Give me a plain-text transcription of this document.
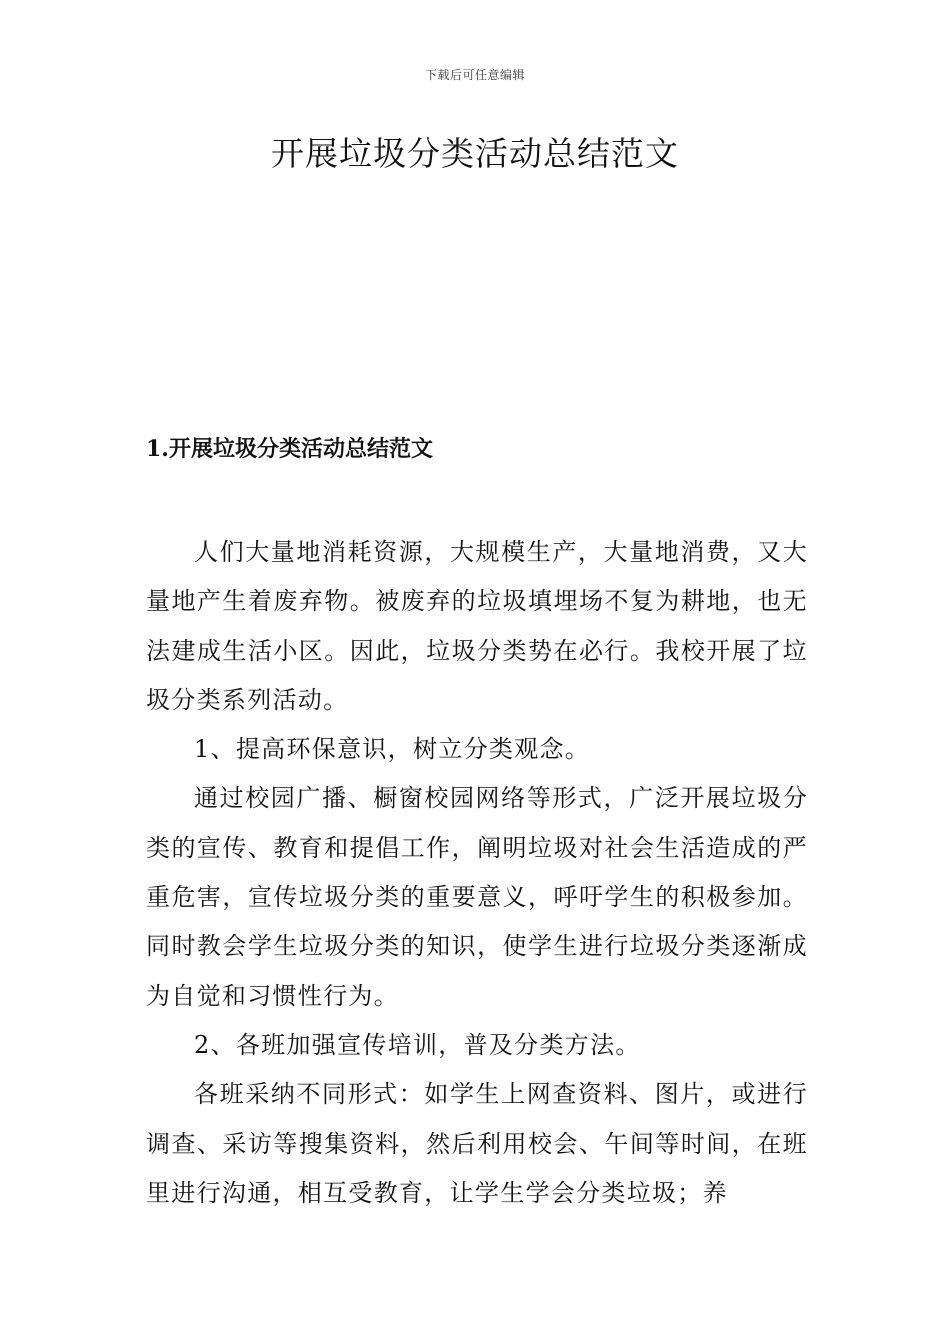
下载后可任意编辑
开展垃圾分类活动总结范文
1.开展垃圾分类活动总结范文

人们大量地消耗资源，大规模生产，大量地消费，又大量地产生着废弃物。被废弃的垃圾填埋场不复为耕地，也无法建成生活小区。因此，垃圾分类势在必行。我校开展了垃圾分类系列活动。

1、提高环保意识，树立分类观念。

通过校园广播、橱窗校园网络等形式，广泛开展垃圾分类的宣传、教育和提倡工作，阐明垃圾对社会生活造成的严重危害，宣传垃圾分类的重要意义，呼吁学生的积极参加。同时教会学生垃圾分类的知识，使学生进行垃圾分类逐渐成为自觉和习惯性行为。

2、各班加强宣传培训，普及分类方法。

各班采纳不同形式：如学生上网查资料、图片，或进行调查、采访等搜集资料，然后利用校会、午间等时间，在班里进行沟通，相互受教育，让学生学会分类垃圾；养
